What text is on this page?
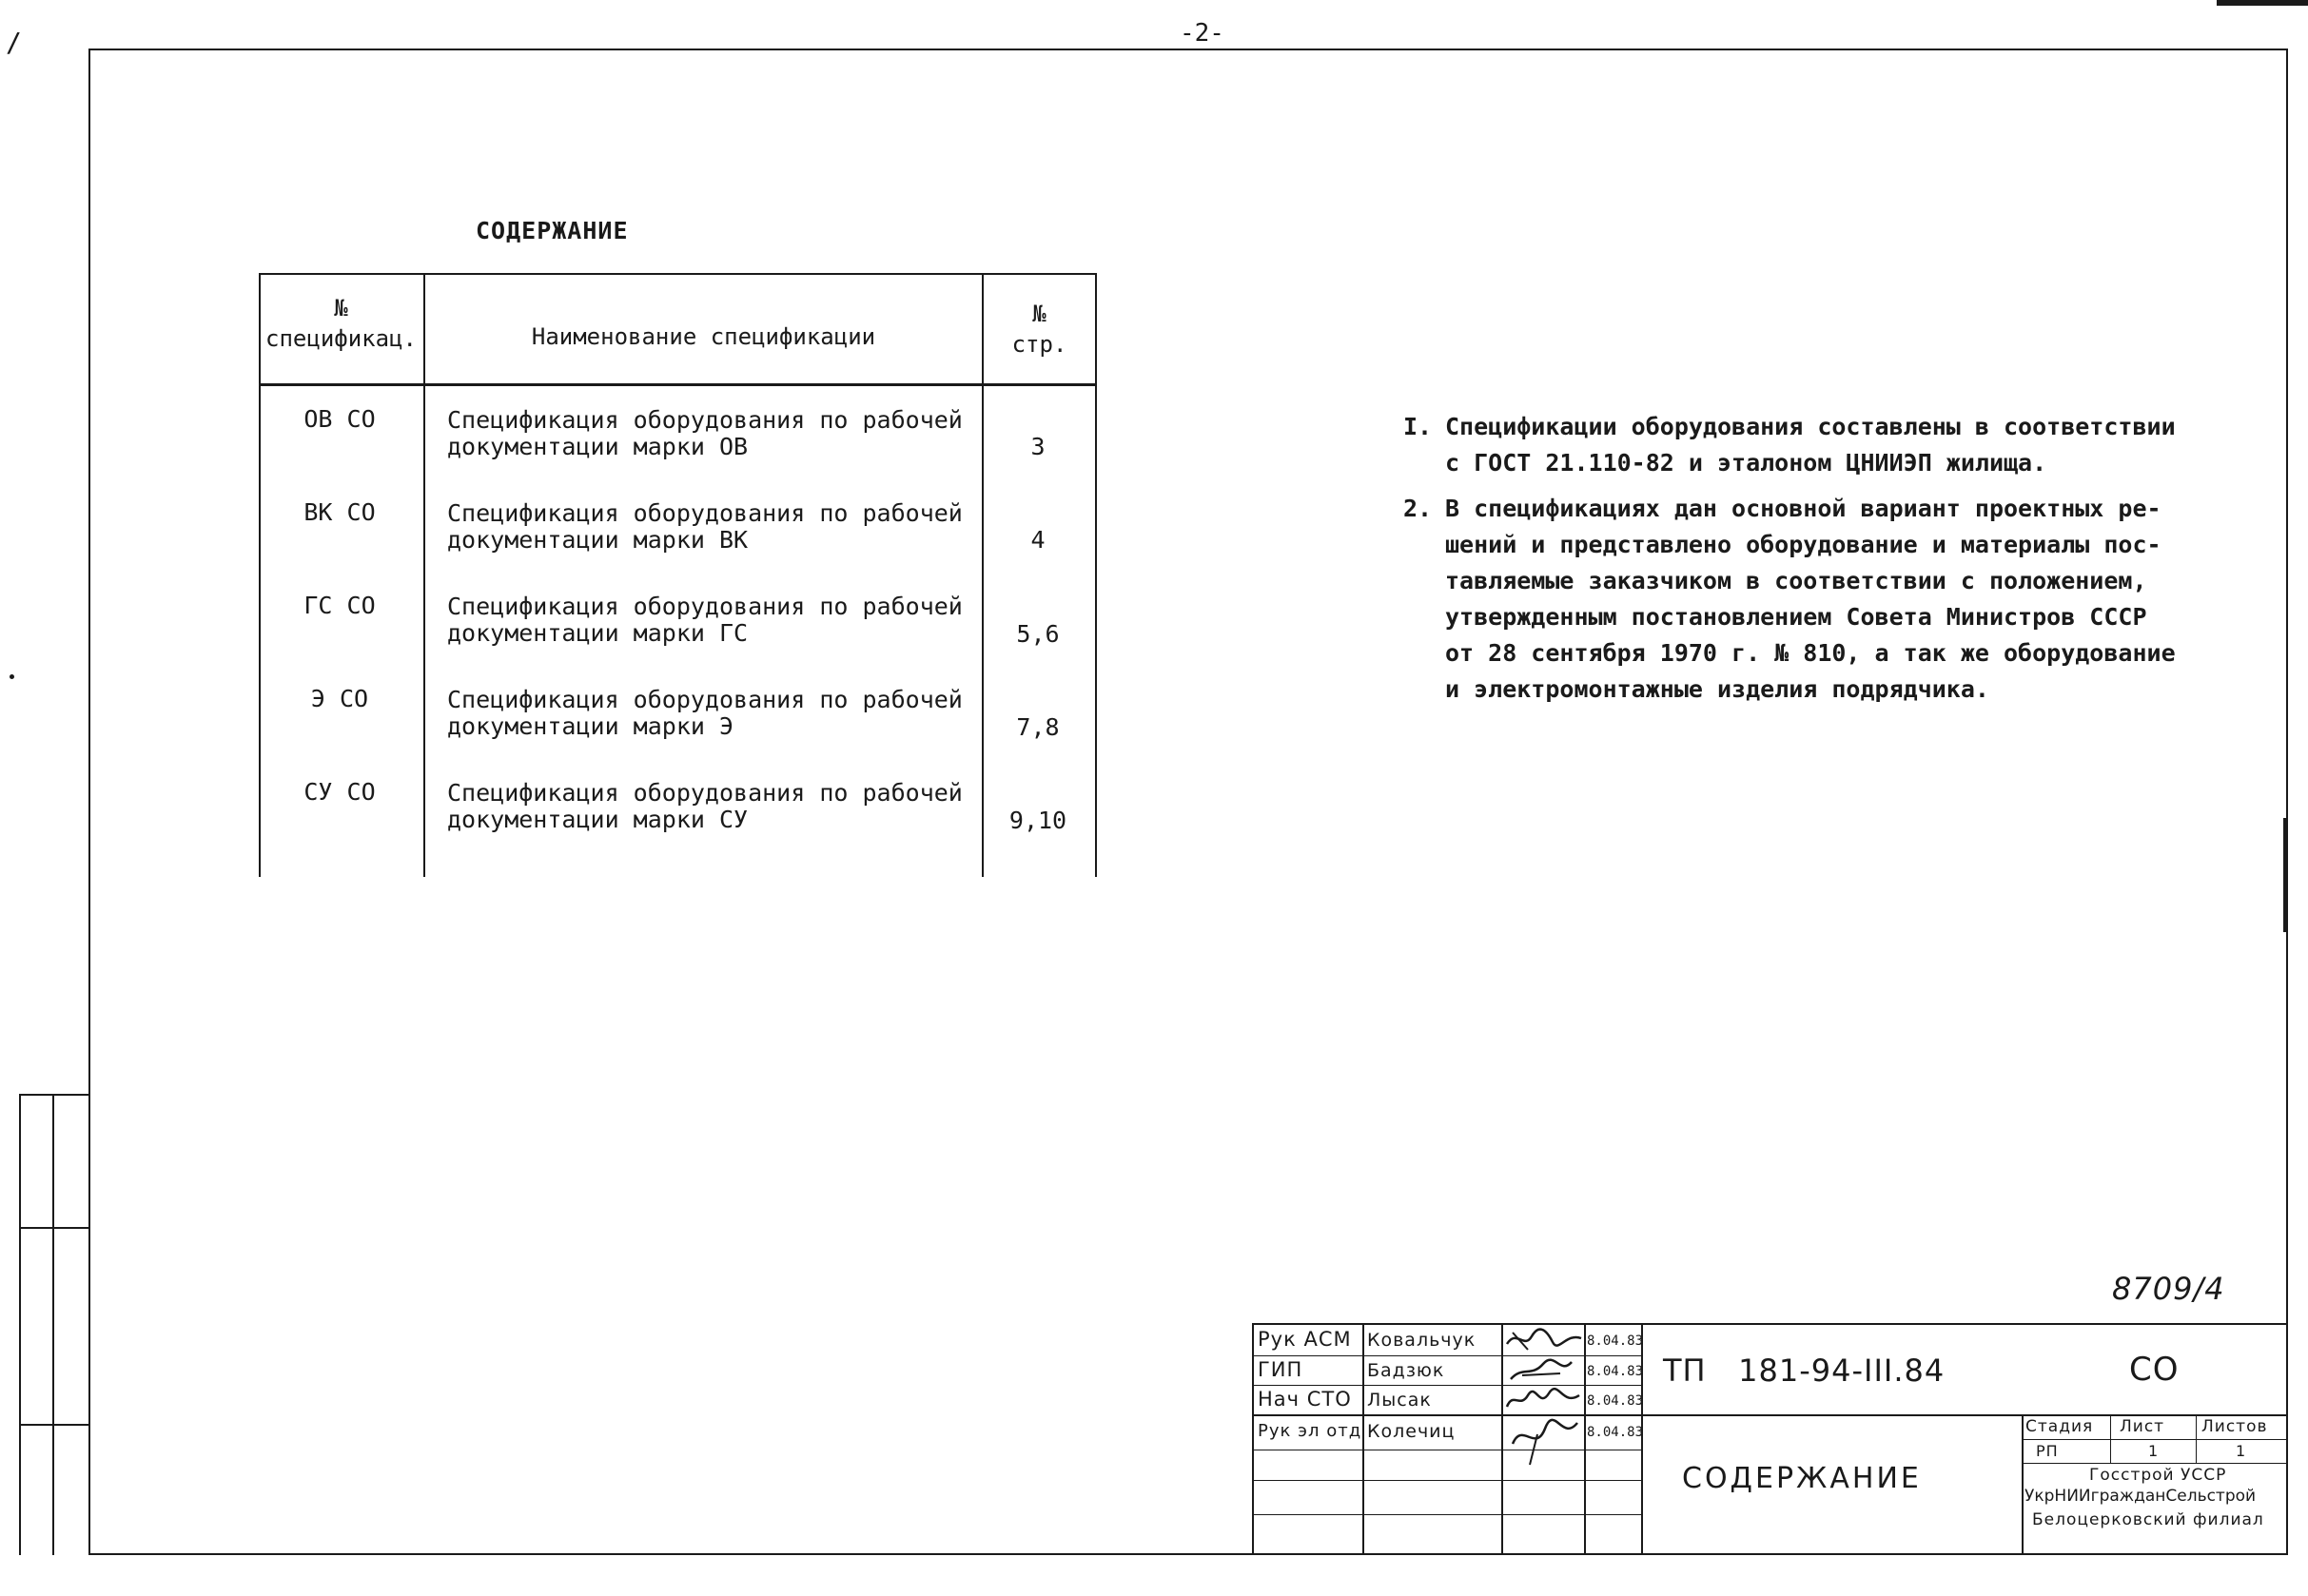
-2-
/
СОДЕРЖАНИЕ
№
спецификац.	Наименование спецификации
№
стр.
ОВ СО	Спецификация оборудования по рабочей
документации марки ОВ	3
ВК СО	Спецификация оборудования по рабочей
документации марки ВК	4
ГС СО	Спецификация оборудования по рабочей
документации марки ГС	5,6
Э СО	Спецификация оборудования по рабочей
документации марки Э	7,8
СУ СО	Спецификация оборудования по рабочей
документации марки СУ	9,10
I. Спецификации оборудования составлены в соответствии
с ГОСТ 21.110-82 и эталоном ЦНИИЭП жилища.
2. В спецификациях дан основной вариант проектных ре-
шений и представлено оборудование и материалы пос-
тавляемые заказчиком в соответствии с положением,
утвержденным постановлением Совета Министров СССР
от 28 сентября 1970 г. № 810, а так же оборудование
и электромонтажные изделия подрядчика.
8709/4
Рук АСМ Ковальчук	8.04.83
ГИП	Бадзюк	8.04.83
Нач СТО Лысак	8.04.83
Рук эл отд Колечиц	8.04.83
ТП   181-94-III.84	СО
СОДЕРЖАНИЕ
Стадия Лист Листов
РП	1	1
Госстрой УССР
УкрНИИгражданСельстрой
Белоцерковский филиал
